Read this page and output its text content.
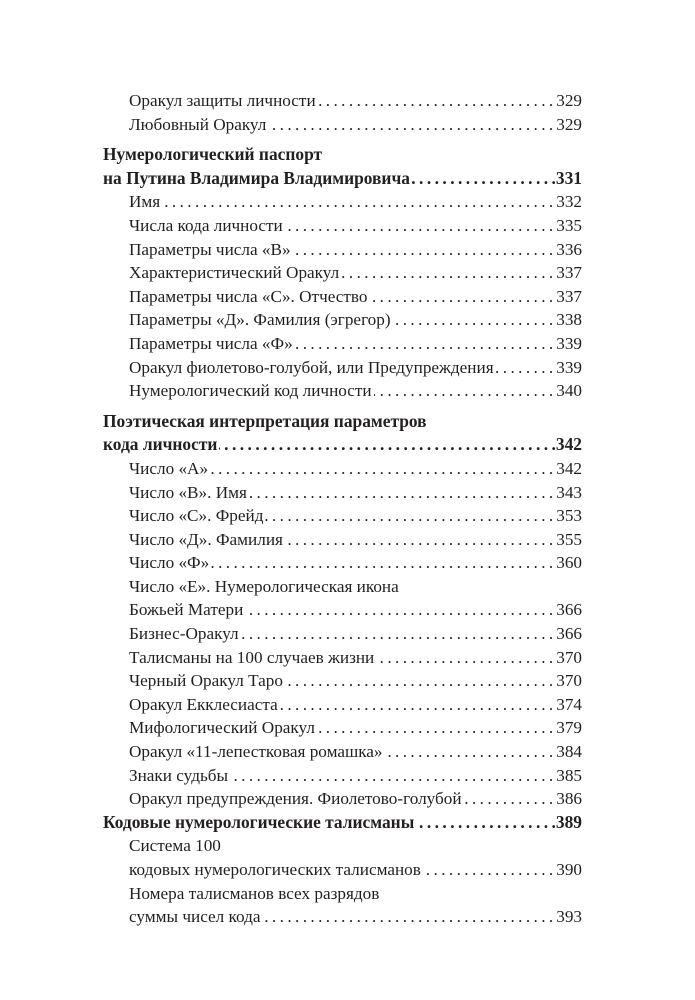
Оракул защиты личности . . .	329
Любовный Оракул . . .	329
Нумерологический паспорт
на Путина Владимира Владимировича . . .	331
Имя . . .	332
Числа кода личности . . .	335
Параметры числа «В» . . .	336
Характеристический Оракул . . .	337
Параметры числа «С». Отчество . . .	337
Параметры «Д». Фамилия (эгрегор) . . .	338
Параметры числа «Ф» . . .	339
Оракул фиолетово-голубой, или Предупреждения . . .	339
Нумерологический код личности . . .	340
Поэтическая интерпретация параметров
кода личности . . .	342
Число «А» . . .	342
Число «В». Имя . . .	343
Число «С». Фрейд . . .	353
Число «Д». Фамилия . . .	355
Число «Ф» . . .	360
Число «Е». Нумерологическая икона
Божьей Матери . . .	366
Бизнес-Оракул . . .	366
Талисманы на 100 случаев жизни . . .	370
Черный Оракул Таро . . .	370
Оракул Екклесиаста . . .	374
Мифологический Оракул . . .	379
Оракул «11-лепестковая ромашка» . . .	384
Знаки судьбы . . .	385
Оракул предупреждения. Фиолетово-голубой . . .	386
Кодовые нумерологические талисманы . . .	389
Система 100
кодовых нумерологических талисманов . . .	390
Номера талисманов всех разрядов
суммы чисел кода . . .	393
